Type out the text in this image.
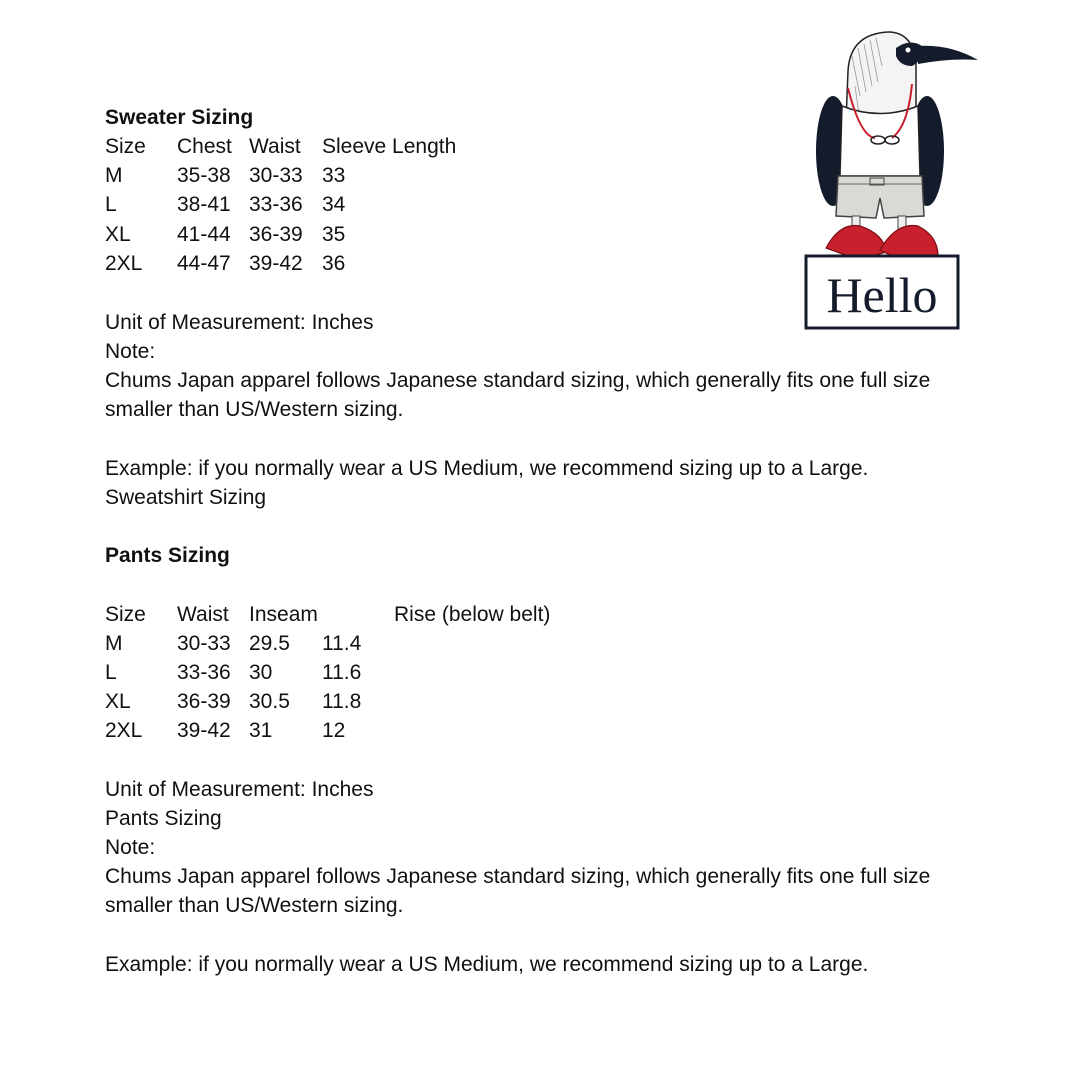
Sweater Sizing
Size Chest Waist Sleeve Length
M	35-38 30-33 33
L	38-41 33-36 34
XL 41-44 36-39 35
2XL 44-47 39-42 36
Unit of Measurement: Inches
Note:
Chums Japan apparel follows Japanese standard sizing, which generally fits one full size
smaller than US/Western sizing.
Example: if you normally wear a US Medium, we recommend sizing up to a Large.
Sweatshirt Sizing
Pants Sizing
Size Waist Inseam	Rise (below belt)
M	30-33 29.5 11.4
L	33-36 30 11.6
XL 36-39 30.5 11.8
2XL 39-42 31 12
Unit of Measurement: Inches
Pants Sizing
Note:
Chums Japan apparel follows Japanese standard sizing, which generally fits one full size
smaller than US/Western sizing.
Example: if you normally wear a US Medium, we recommend sizing up to a Large.
Hello
